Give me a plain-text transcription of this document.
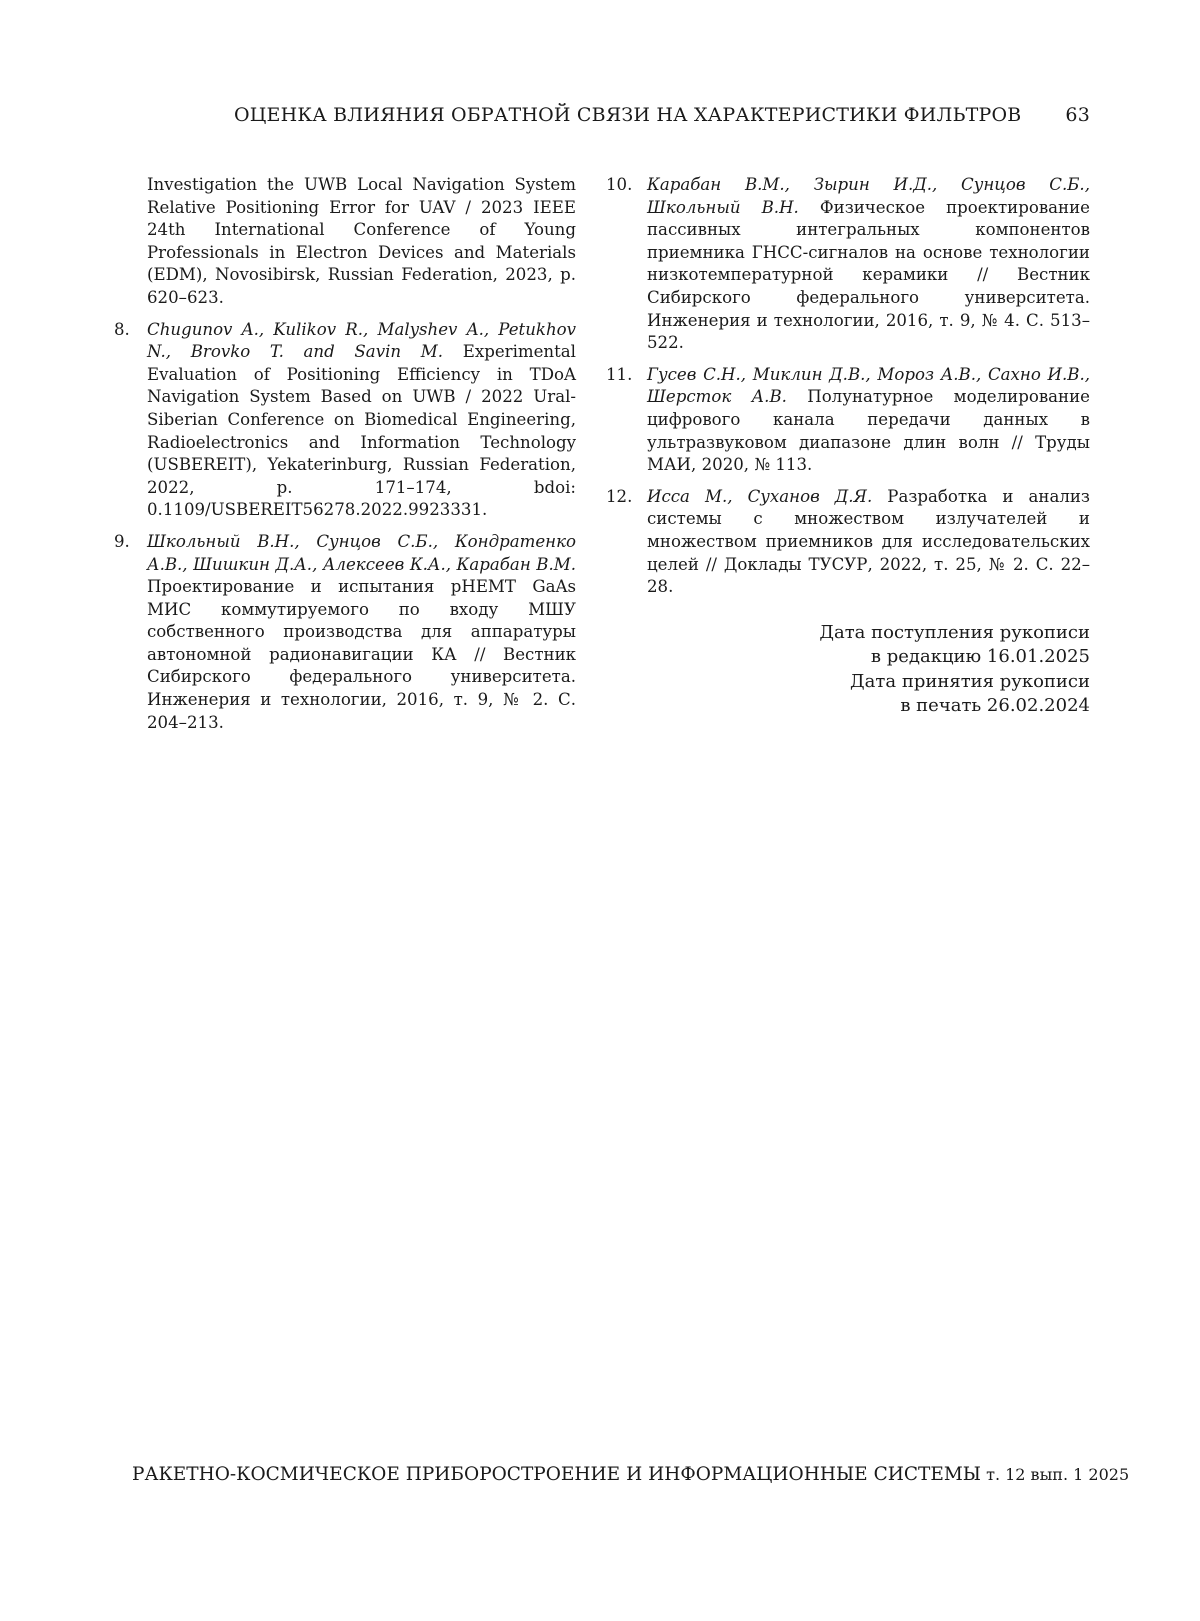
ОЦЕНКА ВЛИЯНИЯ ОБРАТНОЙ СВЯЗИ НА ХАРАКТЕРИСТИКИ ФИЛЬТРОВ 63
Investigation the UWB Local Navigation System Relative Positioning Error for UAV / 2023 IEEE 24th International Conference of Young Professionals in Electron Devices and Materials (EDM), Novosibirsk, Russian Federation, 2023, p. 620–623.
8. Chugunov A., Kulikov R., Malyshev A., Petukhov N., Brovko T. and Savin M. Experimental Evaluation of Positioning Efficiency in TDoA Navigation System Based on UWB / 2022 Ural-Siberian Conference on Biomedical Engineering, Radioelectronics and Information Technology (USBEREIT), Yekaterinburg, Russian Federation, 2022, p. 171–174, bdoi: 0.1109/USBEREIT56278.2022.9923331.
9. Школьный В.Н., Сунцов С.Б., Кондратенко А.В., Шишкин Д.А., Алексеев К.А., Карабан В.М. Проектирование и испытания pHEMT GaAs МИС коммутируемого по входу МШУ собственного производства для аппаратуры автономной радионавигации КА // Вестник Сибирского федерального университета. Инженерия и технологии, 2016, т. 9, № 2. С. 204–213.
10. Карабан В.М., Зырин И.Д., Сунцов С.Б., Школьный В.Н. Физическое проектирование пассивных интегральных компонентов приемника ГНСС-сигналов на основе технологии низкотемпературной керамики // Вестник Сибирского федерального университета. Инженерия и технологии, 2016, т. 9, № 4. С. 513–522.
11. Гусев С.Н., Миклин Д.В., Мороз А.В., Сахно И.В., Шерсток А.В. Полунатурное моделирование цифрового канала передачи данных в ультразвуковом диапазоне длин волн // Труды МАИ, 2020, № 113.
12. Исса М., Суханов Д.Я. Разработка и анализ системы с множеством излучателей и множеством приемников для исследовательских целей // Доклады ТУСУР, 2022, т. 25, № 2. С. 22–28.
Дата поступления рукописи
в редакцию 16.01.2025
Дата принятия рукописи
в печать 26.02.2024
РАКЕТНО-КОСМИЧЕСКОЕ ПРИБОРОСТРОЕНИЕ И ИНФОРМАЦИОННЫЕ СИСТЕМЫ т. 12 вып. 1 2025
